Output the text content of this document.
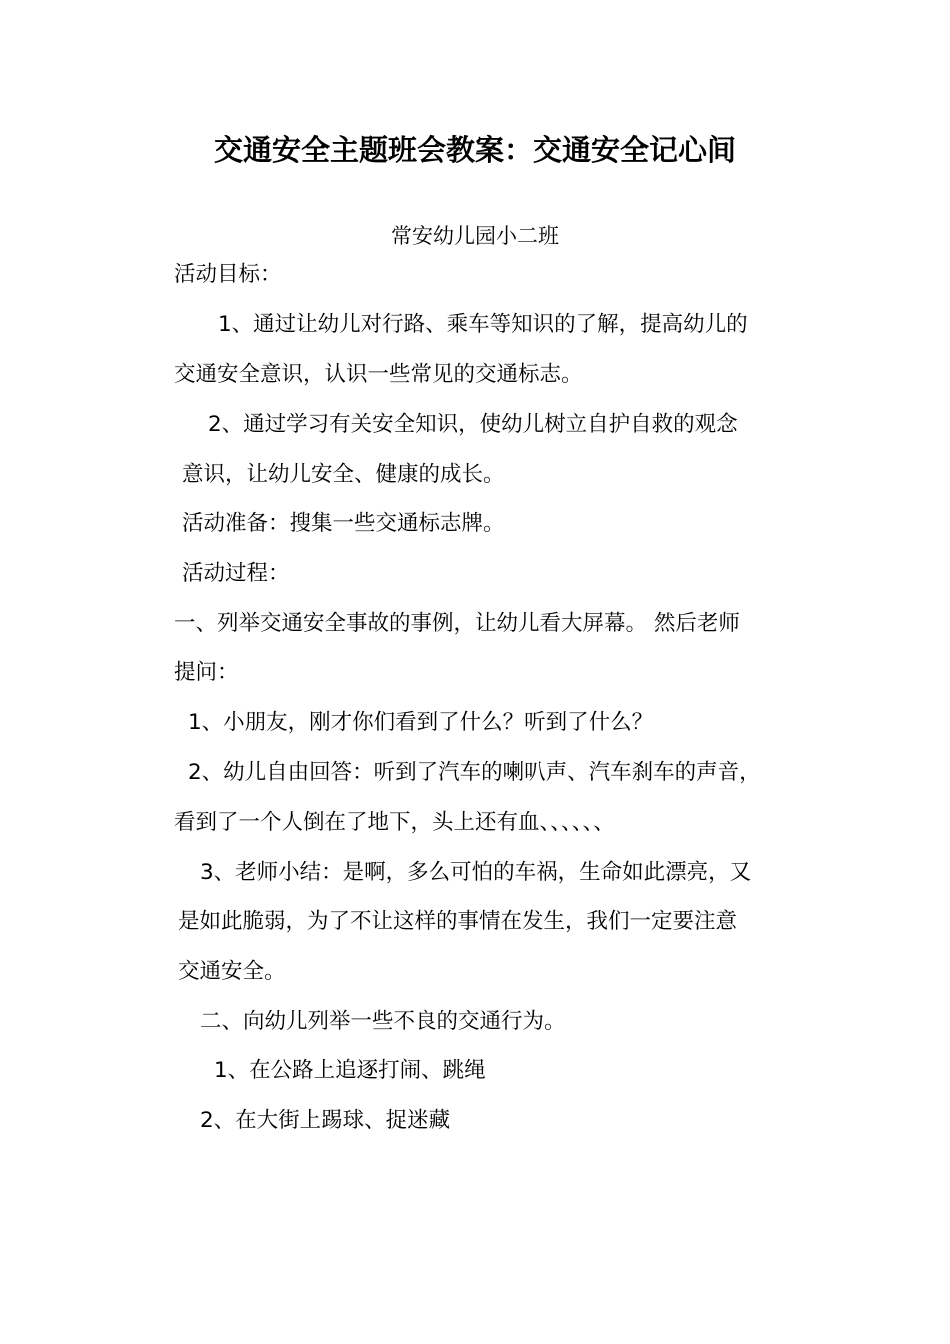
交通安全主题班会教案：交通安全记心间
常安幼儿园小二班
活动目标：
1、通过让幼儿对行路、乘车等知识的了解，提高幼儿的
交通安全意识，认识一些常见的交通标志。
2、通过学习有关安全知识，使幼儿树立自护自救的观念
意识，让幼儿安全、健康的成长。
活动准备：搜集一些交通标志牌。
活动过程：
一、列举交通安全事故的事例，让幼儿看大屏幕。 然后老师
提问：
1、小朋友，刚才你们看到了什么？听到了什么？
2、幼儿自由回答：听到了汽车的喇叭声、汽车刹车的声音，
看到了一个人倒在了地下，头上还有血、、、、、、
3、老师小结：是啊，多么可怕的车祸，生命如此漂亮，又
是如此脆弱，为了不让这样的事情在发生，我们一定要注意
交通安全。
二、向幼儿列举一些不良的交通行为。
1、在公路上追逐打闹、跳绳
2、在大街上踢球、捉迷藏
